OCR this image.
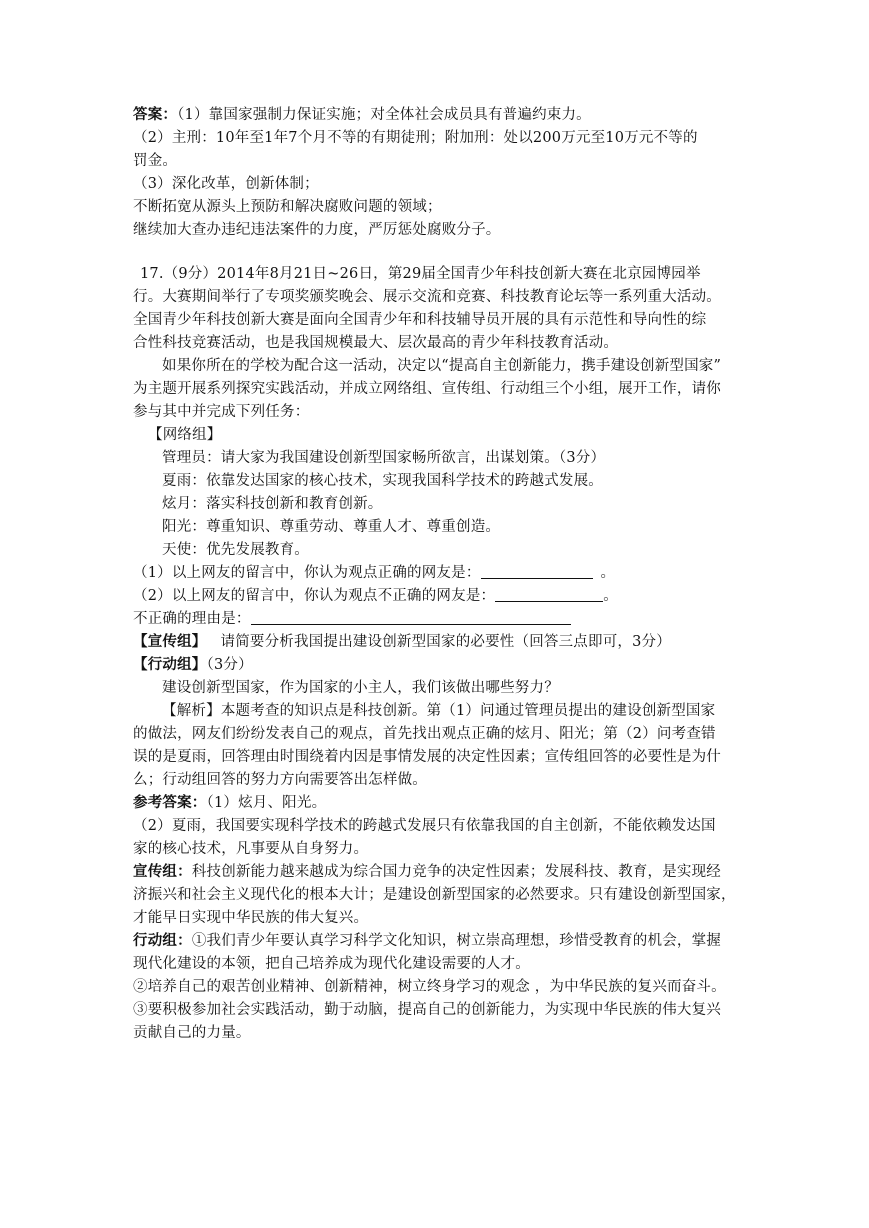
答案：（1）靠国家强制力保证实施；对全体社会成员具有普遍约束力。
（2）主刑：10年至1年7个月不等的有期徒刑；附加刑：处以200万元至10万元不等的
罚金。
（3）深化改革，创新体制；
不断拓宽从源头上预防和解决腐败问题的领域；
继续加大查办违纪违法案件的力度，严厉惩处腐败分子。
17.（9分）2014年8月21日~26日，第29届全国青少年科技创新大赛在北京园博园举
行。大赛期间举行了专项奖颁奖晚会、展示交流和竞赛、科技教育论坛等一系列重大活动。
全国青少年科技创新大赛是面向全国青少年和科技辅导员开展的具有示范性和导向性的综
合性科技竞赛活动，也是我国规模最大、层次最高的青少年科技教育活动。
如果你所在的学校为配合这一活动，决定以“提高自主创新能力，携手建设创新型国家”
为主题开展系列探究实践活动，并成立网络组、宣传组、行动组三个小组，展开工作，请你
参与其中并完成下列任务：
【网络组】
管理员：请大家为我国建设创新型国家畅所欲言，出谋划策。（3分）
夏雨：依靠发达国家的核心技术，实现我国科学技术的跨越式发展。
炫月：落实科技创新和教育创新。
阳光：尊重知识、尊重劳动、尊重人才、尊重创造。
天使：优先发展教育。
（1）以上网友的留言中，你认为观点正确的网友是：	。
（2）以上网友的留言中，你认为观点不正确的网友是：	。
不正确的理由是：
【宣传组】 请简要分析我国提出建设创新型国家的必要性（回答三点即可，3分）
【行动组】（3分）
建设创新型国家，作为国家的小主人，我们该做出哪些努力？
【解析】本题考查的知识点是科技创新。第（1）问通过管理员提出的建设创新型国家
的做法，网友们纷纷发表自己的观点，首先找出观点正确的炫月、阳光；第（2）问考查错
误的是夏雨，回答理由时围绕着内因是事情发展的决定性因素；宣传组回答的必要性是为什
么；行动组回答的努力方向需要答出怎样做。
参考答案：（1）炫月、阳光。
（2）夏雨，我国要实现科学技术的跨越式发展只有依靠我国的自主创新，不能依赖发达国
家的核心技术，凡事要从自身努力。
宣传组：科技创新能力越来越成为综合国力竞争的决定性因素；发展科技、教育，是实现经
济振兴和社会主义现代化的根本大计；是建设创新型国家的必然要求。只有建设创新型国家，
才能早日实现中华民族的伟大复兴。
行动组：①我们青少年要认真学习科学文化知识，树立崇高理想，珍惜受教育的机会，掌握
现代化建设的本领，把自己培养成为现代化建设需要的人才。
②培养自己的艰苦创业精神、创新精神，树立终身学习的观念 ，为中华民族的复兴而奋斗。
③要积极参加社会实践活动，勤于动脑，提高自己的创新能力，为实现中华民族的伟大复兴
贡献自己的力量。
